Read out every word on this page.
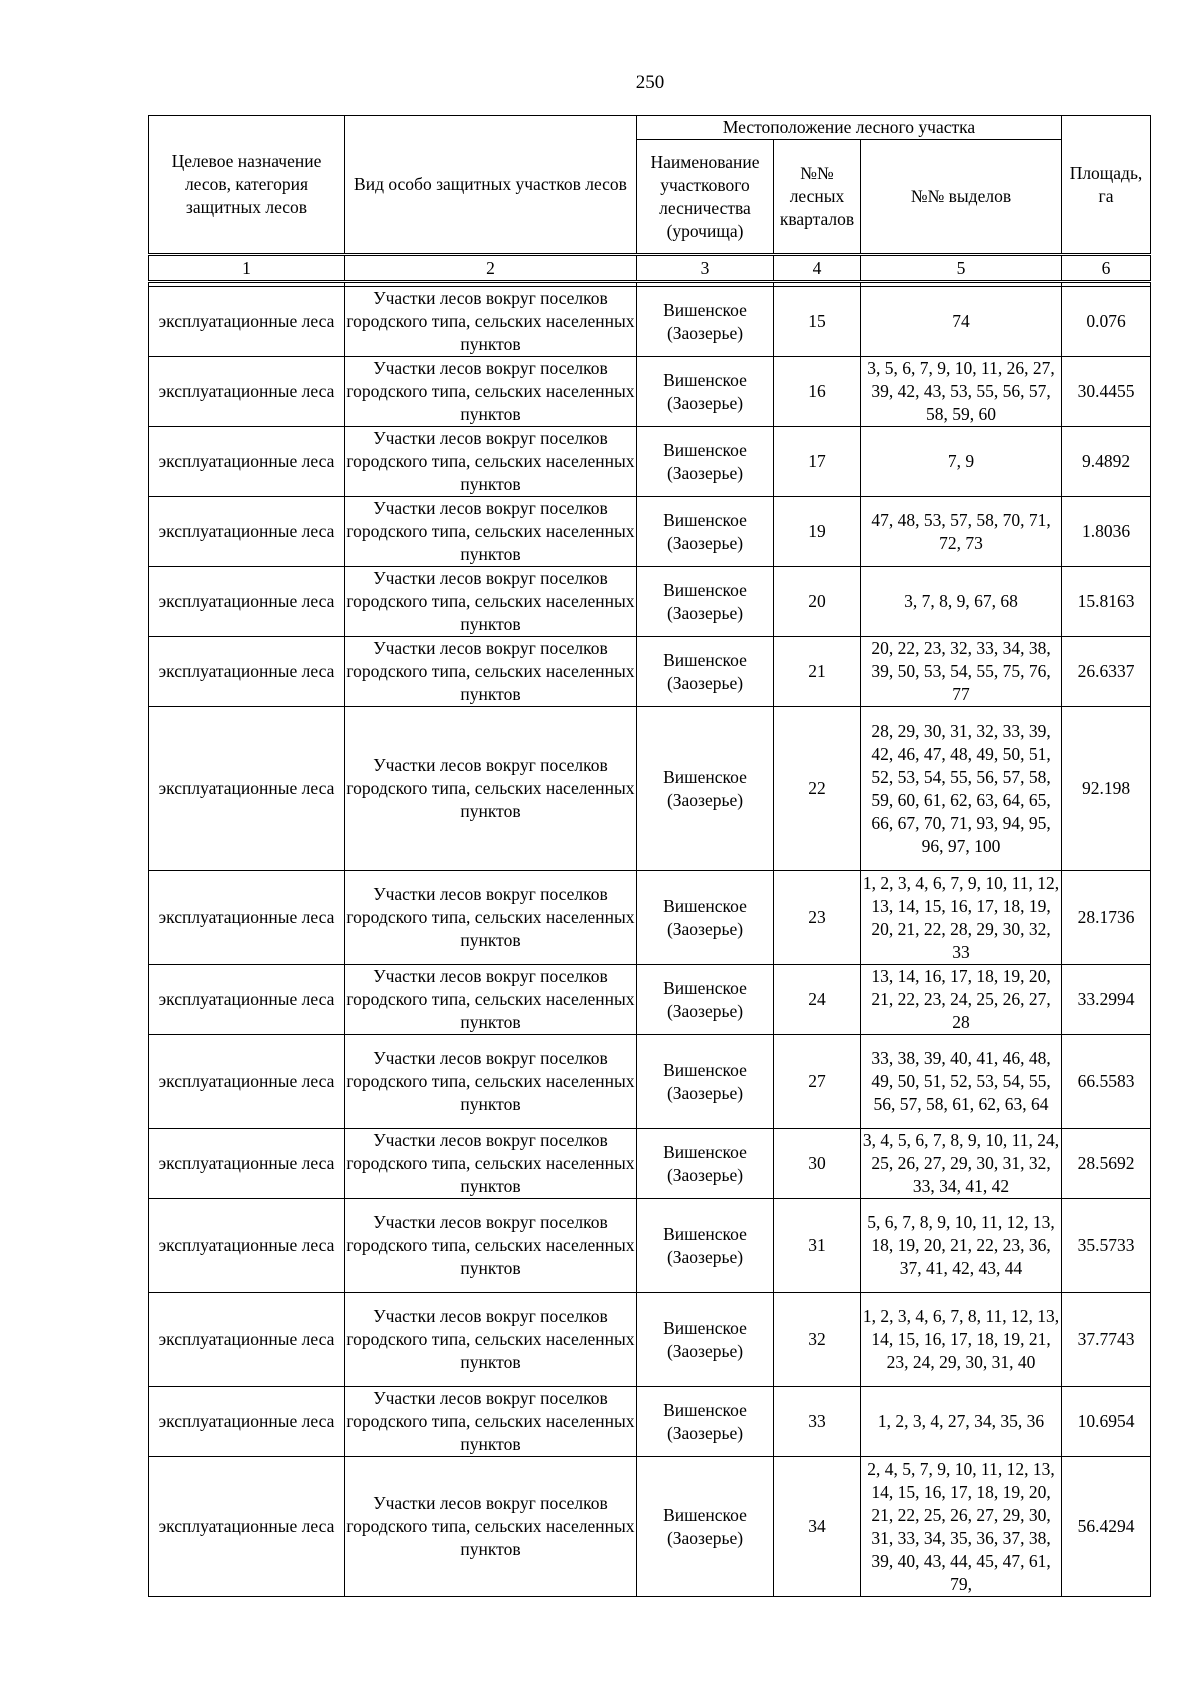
250
Целевое назначение лесов, категория защитных лесов	Вид особо защитных участков лесов	Местоположение лесного участка			Площадь, га
		Наименование участкового лесничества (урочища)	№№ лесных кварталов	№№ выделов	
1	2	3	4	5	6

эксплуатационные леса	Участки лесов вокруг поселков городского типа, сельских населенных пунктов	Вишенское (Заозерье)	15	74	0.076
эксплуатационные леса	Участки лесов вокруг поселков городского типа, сельских населенных пунктов	Вишенское (Заозерье)	16	3, 5, 6, 7, 9, 10, 11, 26, 27, 39, 42, 43, 53, 55, 56, 57, 58, 59, 60	30.4455
эксплуатационные леса	Участки лесов вокруг поселков городского типа, сельских населенных пунктов	Вишенское (Заозерье)	17	7, 9	9.4892
эксплуатационные леса	Участки лесов вокруг поселков городского типа, сельских населенных пунктов	Вишенское (Заозерье)	19	47, 48, 53, 57, 58, 70, 71, 72, 73	1.8036
эксплуатационные леса	Участки лесов вокруг поселков городского типа, сельских населенных пунктов	Вишенское (Заозерье)	20	3, 7, 8, 9, 67, 68	15.8163
эксплуатационные леса	Участки лесов вокруг поселков городского типа, сельских населенных пунктов	Вишенское (Заозерье)	21	20, 22, 23, 32, 33, 34, 38, 39, 50, 53, 54, 55, 75, 76, 77	26.6337
эксплуатационные леса	Участки лесов вокруг поселков городского типа, сельских населенных пунктов	Вишенское (Заозерье)	22	28, 29, 30, 31, 32, 33, 39, 42, 46, 47, 48, 49, 50, 51, 52, 53, 54, 55, 56, 57, 58, 59, 60, 61, 62, 63, 64, 65, 66, 67, 70, 71, 93, 94, 95, 96, 97, 100	92.198
эксплуатационные леса	Участки лесов вокруг поселков городского типа, сельских населенных пунктов	Вишенское (Заозерье)	23	1, 2, 3, 4, 6, 7, 9, 10, 11, 12, 13, 14, 15, 16, 17, 18, 19, 20, 21, 22, 28, 29, 30, 32, 33	28.1736
эксплуатационные леса	Участки лесов вокруг поселков городского типа, сельских населенных пунктов	Вишенское (Заозерье)	24	13, 14, 16, 17, 18, 19, 20, 21, 22, 23, 24, 25, 26, 27, 28	33.2994
эксплуатационные леса	Участки лесов вокруг поселков городского типа, сельских населенных пунктов	Вишенское (Заозерье)	27	33, 38, 39, 40, 41, 46, 48, 49, 50, 51, 52, 53, 54, 55, 56, 57, 58, 61, 62, 63, 64	66.5583
эксплуатационные леса	Участки лесов вокруг поселков городского типа, сельских населенных пунктов	Вишенское (Заозерье)	30	3, 4, 5, 6, 7, 8, 9, 10, 11, 24, 25, 26, 27, 29, 30, 31, 32, 33, 34, 41, 42	28.5692
эксплуатационные леса	Участки лесов вокруг поселков городского типа, сельских населенных пунктов	Вишенское (Заозерье)	31	5, 6, 7, 8, 9, 10, 11, 12, 13, 18, 19, 20, 21, 22, 23, 36, 37, 41, 42, 43, 44	35.5733
эксплуатационные леса	Участки лесов вокруг поселков городского типа, сельских населенных пунктов	Вишенское (Заозерье)	32	1, 2, 3, 4, 6, 7, 8, 11, 12, 13, 14, 15, 16, 17, 18, 19, 21, 23, 24, 29, 30, 31, 40	37.7743
эксплуатационные леса	Участки лесов вокруг поселков городского типа, сельских населенных пунктов	Вишенское (Заозерье)	33	1, 2, 3, 4, 27, 34, 35, 36	10.6954
эксплуатационные леса	Участки лесов вокруг поселков городского типа, сельских населенных пунктов	Вишенское (Заозерье)	34	2, 4, 5, 7, 9, 10, 11, 12, 13, 14, 15, 16, 17, 18, 19, 20, 21, 22, 25, 26, 27, 29, 30, 31, 33, 34, 35, 36, 37, 38, 39, 40, 43, 44, 45, 47, 61, 79,	56.4294
